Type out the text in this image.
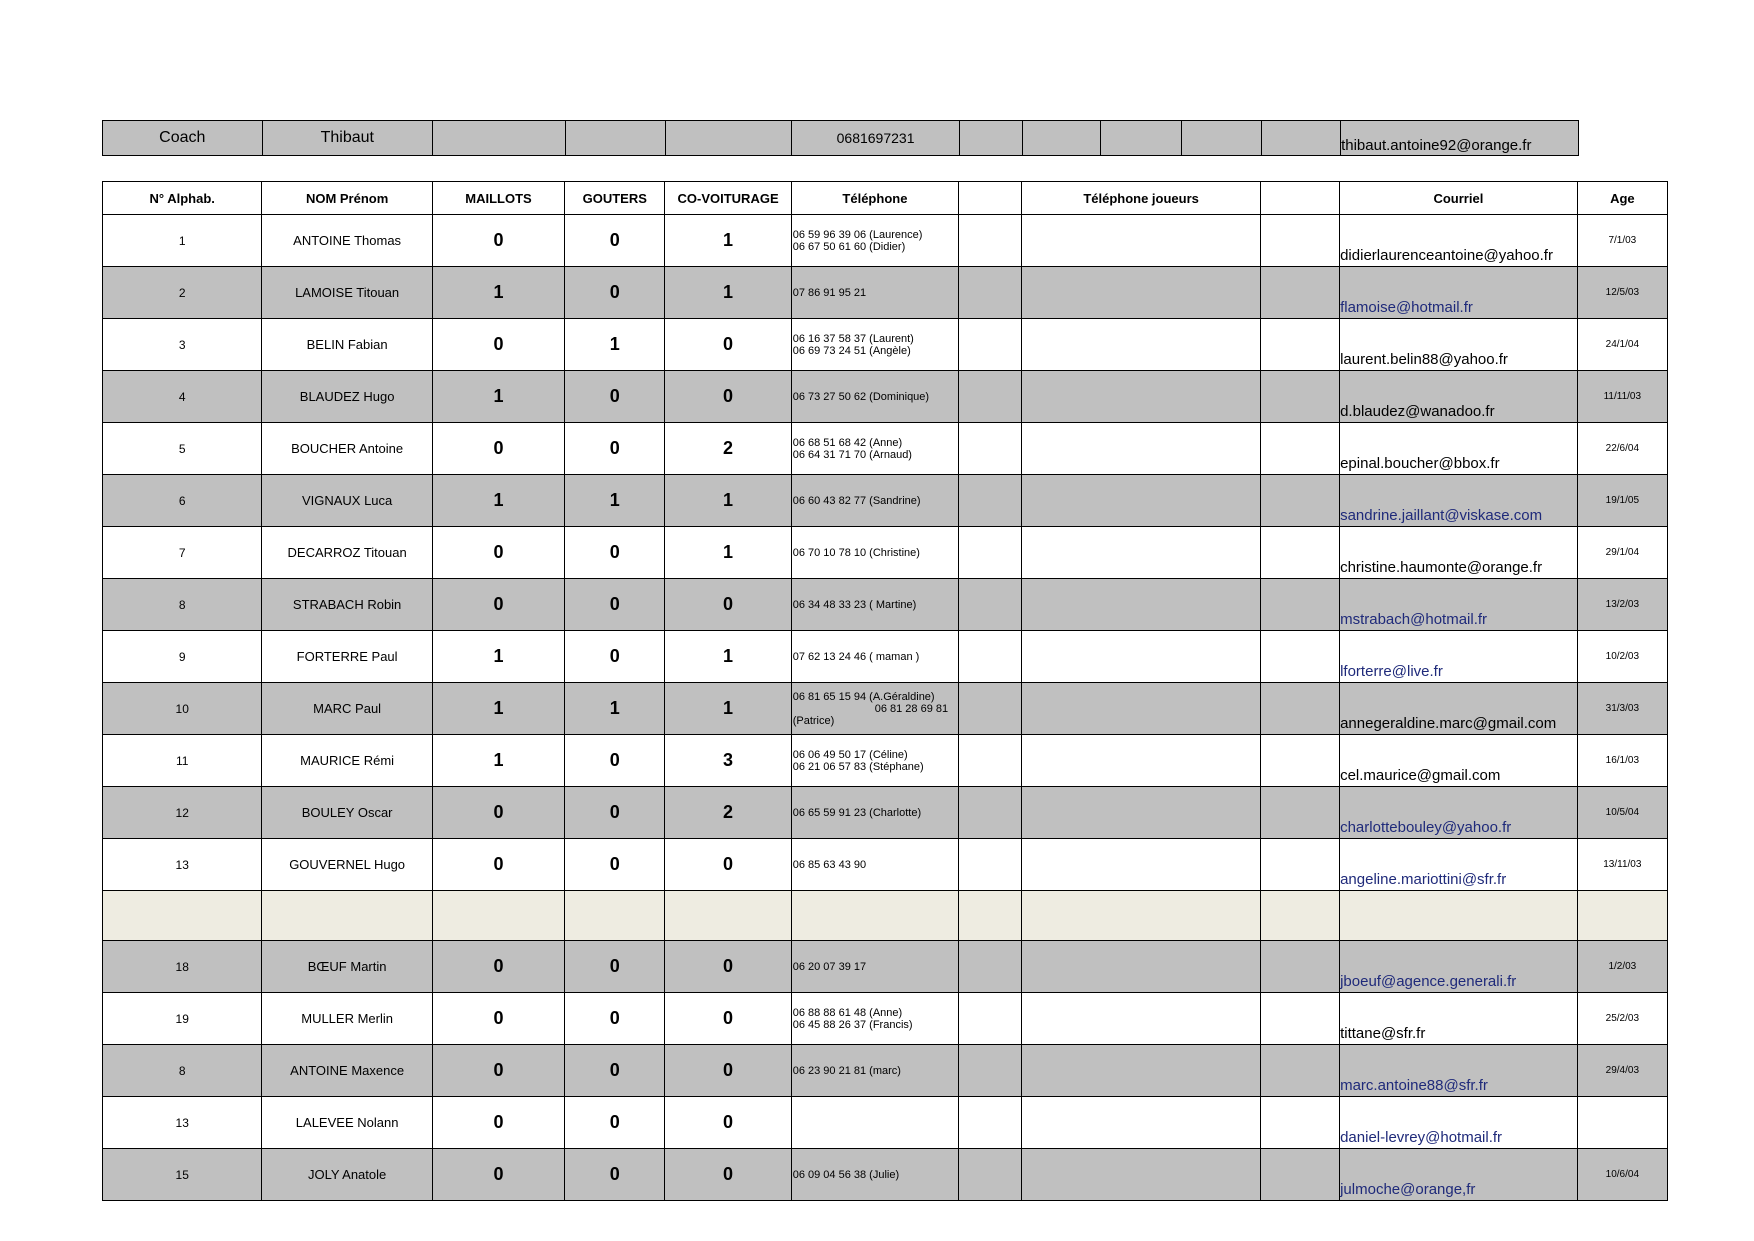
Coach	Thibaut				0681697231						thibaut.antoine92@orange.fr
N° Alphab.	NOM Prénom	MAILLOTS	GOUTERS	CO-VOITURAGE	Téléphone		Téléphone joueurs		Courriel	Age
1	ANTOINE Thomas	0	0	1	06 59 96 39 06 (Laurence)
06 67 50 61 60 (Didier)				didierlaurenceantoine@yahoo.fr	7/1/03
2	LAMOISE Titouan	1	0	1	07 86 91 95 21				flamoise@hotmail.fr	12/5/03
3	BELIN Fabian	0	1	0	06 16 37 58 37 (Laurent)
06 69 73 24 51 (Angèle)				laurent.belin88@yahoo.fr	24/1/04
4	BLAUDEZ Hugo	1	0	0	06 73 27 50 62 (Dominique)				d.blaudez@wanadoo.fr	11/11/03
5	BOUCHER Antoine	0	0	2	06 68 51 68 42 (Anne)
06 64 31 71 70 (Arnaud)				epinal.boucher@bbox.fr	22/6/04
6	VIGNAUX Luca	1	1	1	06 60 43 82 77 (Sandrine)				sandrine.jaillant@viskase.com	19/1/05
7	DECARROZ Titouan	0	0	1	06 70 10 78 10 (Christine)				christine.haumonte@orange.fr	29/1/04
8	STRABACH Robin	0	0	0	06 34 48 33 23 ( Martine)				mstrabach@hotmail.fr	13/2/03
9	FORTERRE Paul	1	0	1	07 62 13 24 46 ( maman )				lforterre@live.fr	10/2/03
10	MARC Paul	1	1	1	06 81 65 15 94 (A.Géraldine)
06 81 28 69 81
(Patrice)				annegeraldine.marc@gmail.com	31/3/03
11	MAURICE Rémi	1	0	3	06 06 49 50 17 (Céline)
06 21 06 57 83 (Stéphane)				cel.maurice@gmail.com	16/1/03
12	BOULEY Oscar	0	0	2	06 65 59 91 23 (Charlotte)				charlottebouley@yahoo.fr	10/5/04
13	GOUVERNEL Hugo	0	0	0	06 85 63 43 90				angeline.mariottini@sfr.fr	13/11/03

18	BŒUF Martin	0	0	0	06 20 07 39 17				jboeuf@agence.generali.fr	1/2/03
19	MULLER Merlin	0	0	0	06 88 88 61 48 (Anne)
06 45 88 26 37 (Francis)				tittane@sfr.fr	25/2/03
8	ANTOINE Maxence	0	0	0	06 23 90 21 81 (marc)				marc.antoine88@sfr.fr	29/4/03
13	LALEVEE Nolann	0	0	0					daniel-levrey@hotmail.fr	
15	JOLY Anatole	0	0	0	06 09 04 56 38 (Julie)				julmoche@orange,fr	10/6/04
